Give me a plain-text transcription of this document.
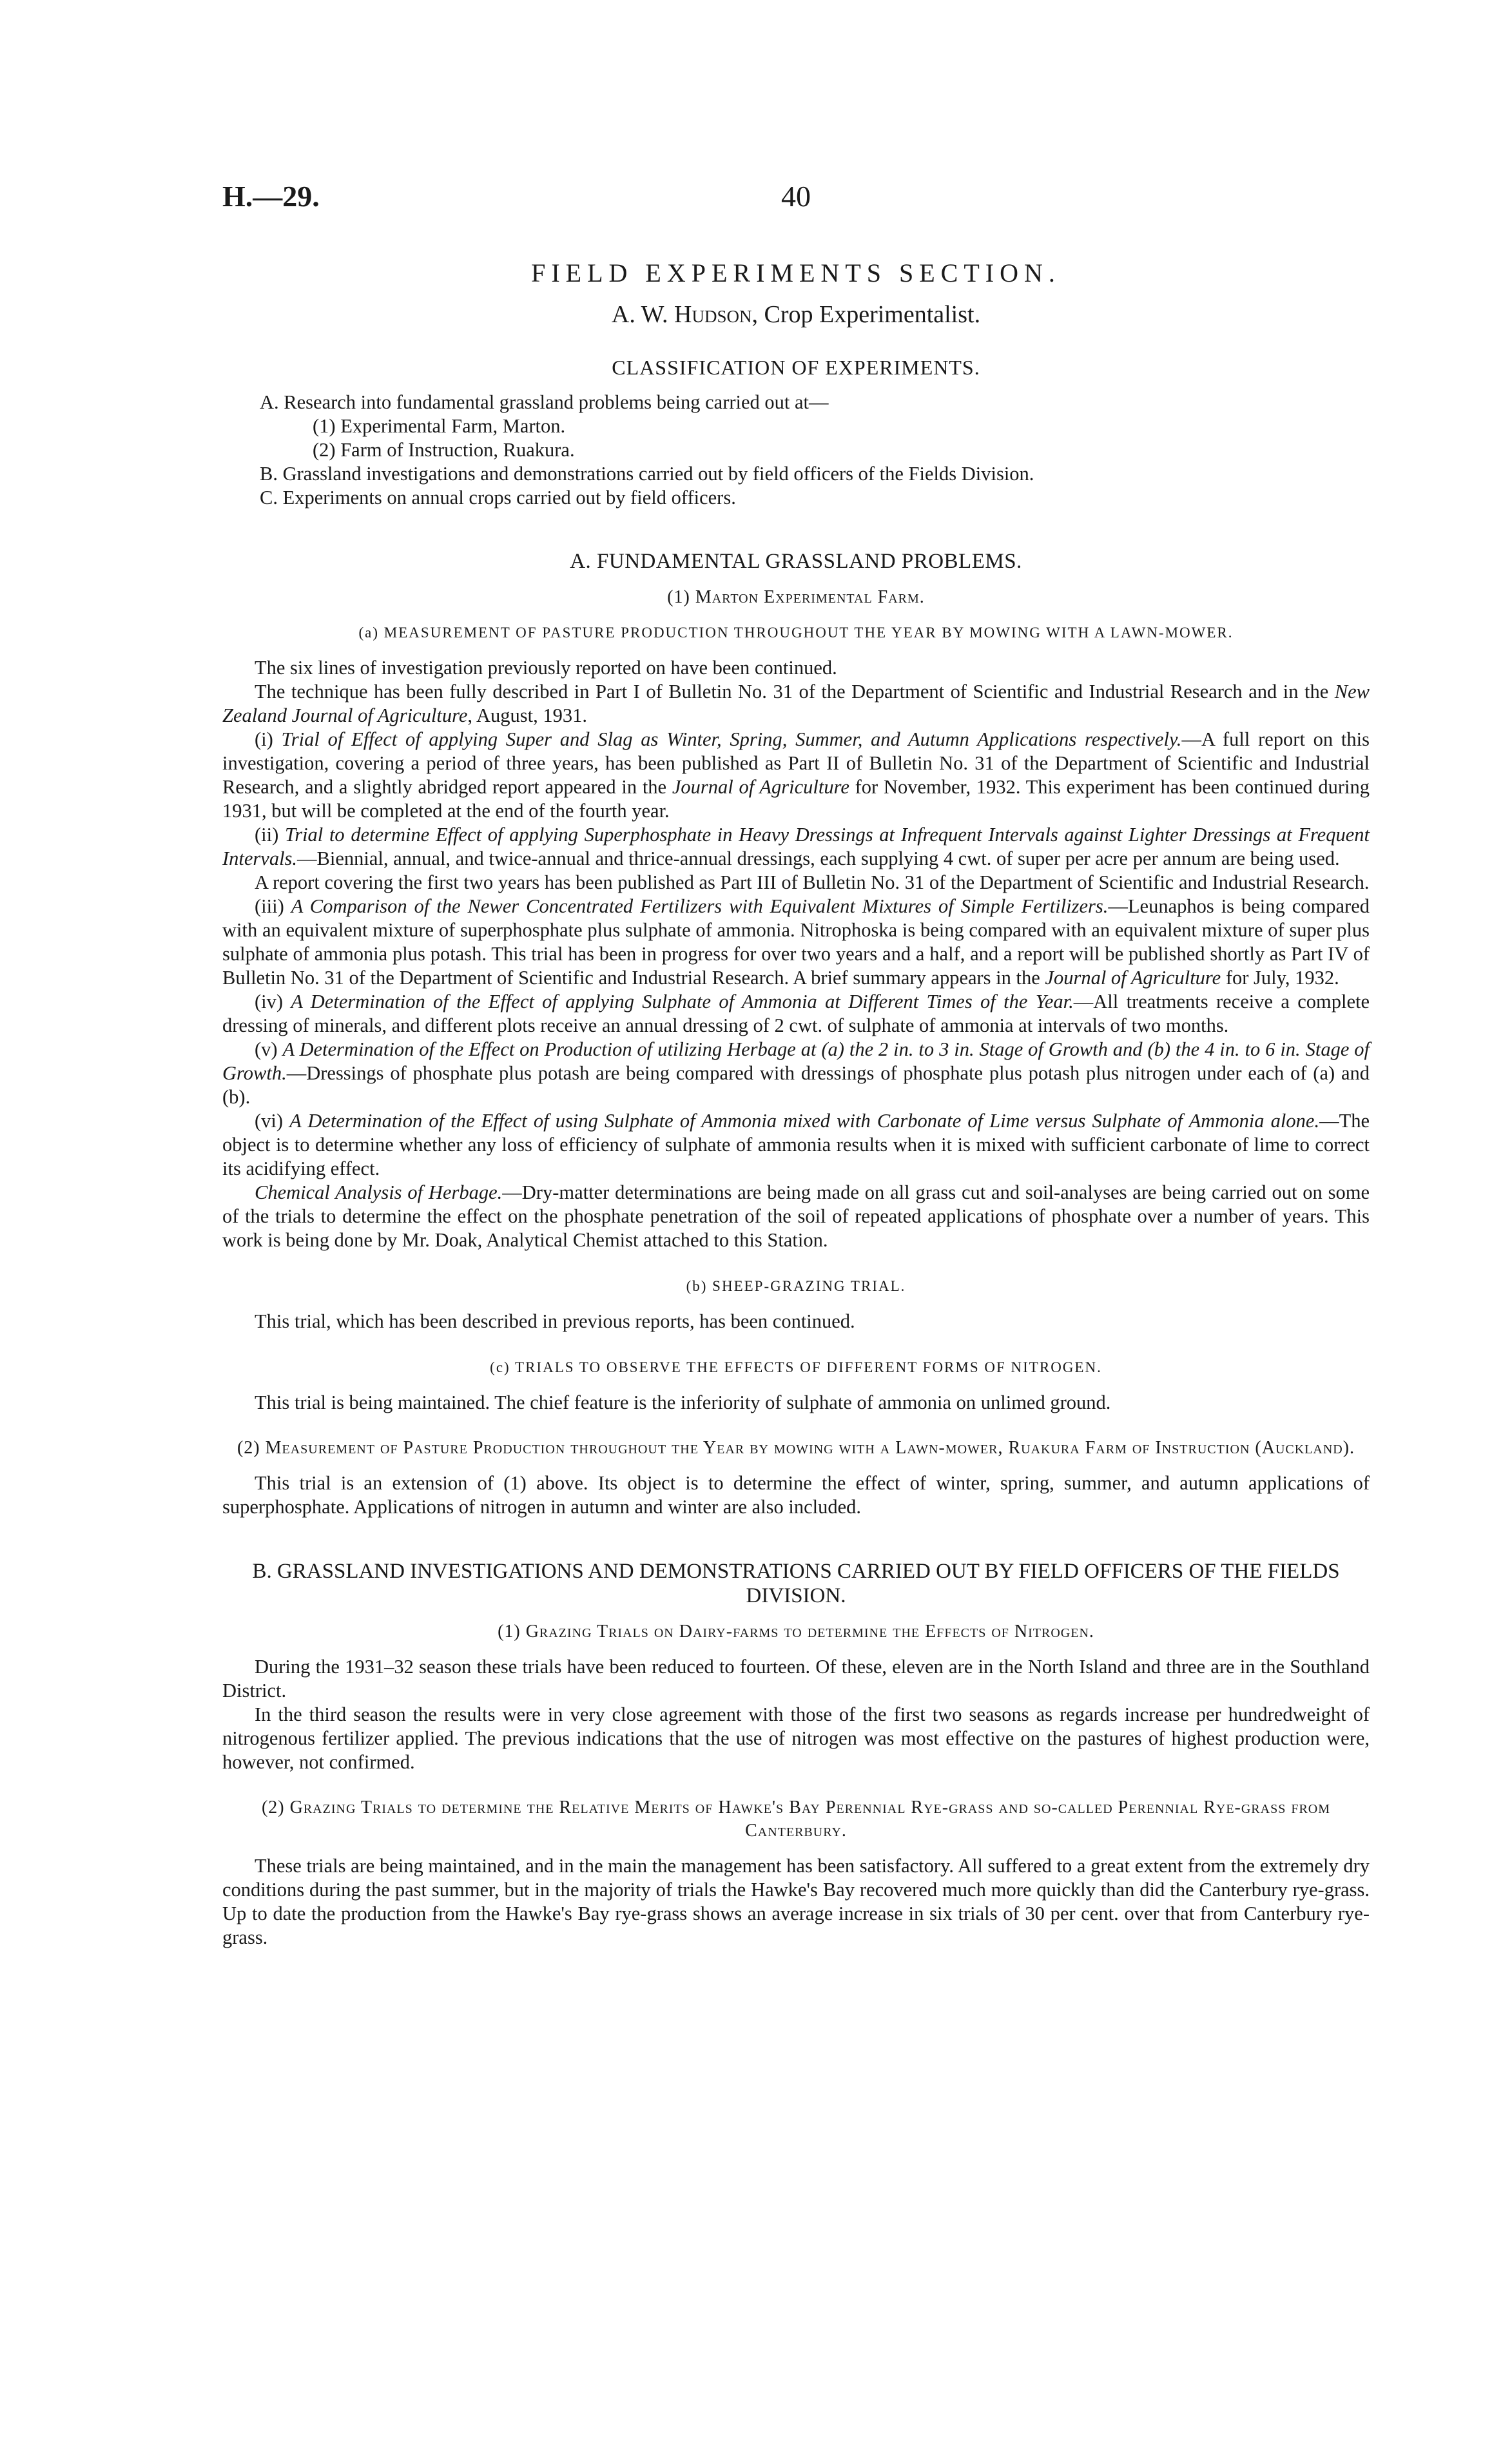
H.—29.	40
FIELD EXPERIMENTS SECTION.
A. W. Hudson, Crop Experimentalist.
CLASSIFICATION OF EXPERIMENTS.

A. Research into fundamental grassland problems being carried out at—

(1) Experimental Farm, Marton.

(2) Farm of Instruction, Ruakura.

B. Grassland investigations and demonstrations carried out by field officers of the Fields Division.

C. Experiments on annual crops carried out by field officers.

A. FUNDAMENTAL GRASSLAND PROBLEMS.
(1) Marton Experimental Farm.
(a) MEASUREMENT OF PASTURE PRODUCTION THROUGHOUT THE YEAR BY MOWING WITH A LAWN-MOWER.

The six lines of investigation previously reported on have been continued.

The technique has been fully described in Part I of Bulletin No. 31 of the Department of Scientific and Industrial Research and in the New Zealand Journal of Agriculture, August, 1931.

(i) Trial of Effect of applying Super and Slag as Winter, Spring, Summer, and Autumn Applications respectively.—A full report on this investigation, covering a period of three years, has been published as Part II of Bulletin No. 31 of the Department of Scientific and Industrial Research, and a slightly abridged report appeared in the Journal of Agriculture for November, 1932. This experiment has been continued during 1931, but will be completed at the end of the fourth year.

(ii) Trial to determine Effect of applying Superphosphate in Heavy Dressings at Infrequent Intervals against Lighter Dressings at Frequent Intervals.—Biennial, annual, and twice-annual and thrice-annual dressings, each supplying 4 cwt. of super per acre per annum are being used.

A report covering the first two years has been published as Part III of Bulletin No. 31 of the Department of Scientific and Industrial Research.

(iii) A Comparison of the Newer Concentrated Fertilizers with Equivalent Mixtures of Simple Fertilizers.—Leunaphos is being compared with an equivalent mixture of superphosphate plus sulphate of ammonia. Nitrophoska is being compared with an equivalent mixture of super plus sulphate of ammonia plus potash. This trial has been in progress for over two years and a half, and a report will be published shortly as Part IV of Bulletin No. 31 of the Department of Scientific and Industrial Research. A brief summary appears in the Journal of Agriculture for July, 1932.

(iv) A Determination of the Effect of applying Sulphate of Ammonia at Different Times of the Year.—All treatments receive a complete dressing of minerals, and different plots receive an annual dressing of 2 cwt. of sulphate of ammonia at intervals of two months.

(v) A Determination of the Effect on Production of utilizing Herbage at (a) the 2 in. to 3 in. Stage of Growth and (b) the 4 in. to 6 in. Stage of Growth.—Dressings of phosphate plus potash are being compared with dressings of phosphate plus potash plus nitrogen under each of (a) and (b).

(vi) A Determination of the Effect of using Sulphate of Ammonia mixed with Carbonate of Lime versus Sulphate of Ammonia alone.—The object is to determine whether any loss of efficiency of sulphate of ammonia results when it is mixed with sufficient carbonate of lime to correct its acidifying effect.

Chemical Analysis of Herbage.—Dry-matter determinations are being made on all grass cut and soil-analyses are being carried out on some of the trials to determine the effect on the phosphate penetration of the soil of repeated applications of phosphate over a number of years. This work is being done by Mr. Doak, Analytical Chemist attached to this Station.

(b) SHEEP-GRAZING TRIAL.

This trial, which has been described in previous reports, has been continued.

(c) TRIALS TO OBSERVE THE EFFECTS OF DIFFERENT FORMS OF NITROGEN.

This trial is being maintained. The chief feature is the inferiority of sulphate of ammonia on unlimed ground.

(2) Measurement of Pasture Production throughout the Year by mowing with a Lawn-mower, Ruakura Farm of Instruction (Auckland).

This trial is an extension of (1) above. Its object is to determine the effect of winter, spring, summer, and autumn applications of superphosphate. Applications of nitrogen in autumn and winter are also included.

B. GRASSLAND INVESTIGATIONS AND DEMONSTRATIONS CARRIED OUT BY FIELD OFFICERS OF THE FIELDS DIVISION.
(1) Grazing Trials on Dairy-farms to determine the Effects of Nitrogen.

During the 1931–32 season these trials have been reduced to fourteen. Of these, eleven are in the North Island and three are in the Southland District.

In the third season the results were in very close agreement with those of the first two seasons as regards increase per hundredweight of nitrogenous fertilizer applied. The previous indications that the use of nitrogen was most effective on the pastures of highest production were, however, not confirmed.

(2) Grazing Trials to determine the Relative Merits of Hawke's Bay Perennial Rye-grass and so-called Perennial Rye-grass from Canterbury.

These trials are being maintained, and in the main the management has been satisfactory. All suffered to a great extent from the extremely dry conditions during the past summer, but in the majority of trials the Hawke's Bay recovered much more quickly than did the Canterbury rye-grass. Up to date the production from the Hawke's Bay rye-grass shows an average increase in six trials of 30 per cent. over that from Canterbury rye-grass.
